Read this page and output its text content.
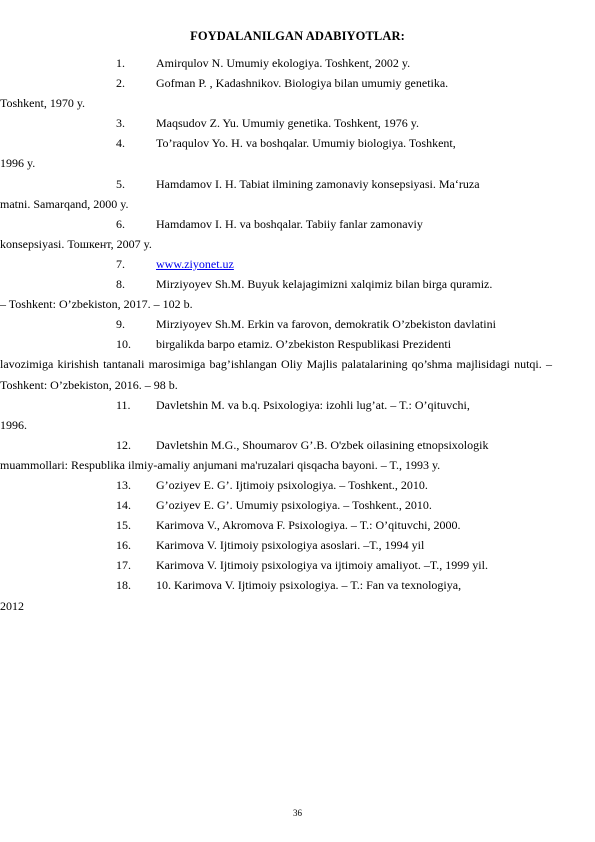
FOYDALANILGAN ADABIYOTLAR:
1.	Amirqulov N. Umumiy ekologiya. Toshkent, 2002 y.
2.	Gofman P. , Kadashnikov. Biologiya bilan umumiy genetika.
Toshkent, 1970 y.
3.	Maqsudov Z. Yu. Umumiy genetika. Toshkent, 1976 y.
4.	To’raqulov Yo. H. va boshqalar. Umumiy biologiya. Toshkent,
1996 y.
5.	Hamdamov I. H. Tabiat ilmining zamonaviy konsepsiyasi. Ma‘ruza
matni. Samarqand, 2000 y.
6.	Hamdamov I. H. va boshqalar. Tabiiy fanlar zamonaviy
konsepsiyasi. Тошкент, 2007 y.
7.	www.ziyonet.uz
8.	Mirziyoyev Sh.M. Buyuk kelajagimizni xalqimiz bilan birga quramiz.
– Toshkent: O’zbekiston, 2017. – 102 b.
9.	Mirziyoyev Sh.M. Erkin va farovon, demokratik O’zbekiston davlatini
10. birgalikda barpo etamiz. O’zbekiston Respublikasi Prezidenti
lavozimiga kirishish tantanali marosimiga bag’ishlangan Oliy Majlis palatalarining qo’shma majlisidagi nutqi. – Toshkent: O’zbekiston, 2016. – 98 b.
11. Davletshin M. va b.q. Psixologiya: izohli lug’at. – T.: O’qituvchi,
1996.
12. Davletshin M.G., Shoumarov G’.B. O'zbek oilasining etnopsixologik
muammollari: Respublika ilmiy-amaliy anjumani ma'ruzalari qisqacha bayoni. – T., 1993 y.
13. G’oziyev E. G’. Ijtimoiy psixologiya. – Toshkent., 2010.
14. G’oziyev E. G’. Umumiy psixologiya. – Toshkent., 2010.
15. Karimova V., Akromova F. Psixologiya. – T.: O’qituvchi, 2000.
16. Karimova V. Ijtimoiy psixologiya asoslari. –T., 1994 yil
17. Karimova V. Ijtimoiy psixologiya va ijtimoiy amaliyot. –T., 1999 yil.
18. 10. Karimova V. Ijtimoiy psixologiya. – T.: Fan va texnologiya,
2012
36
